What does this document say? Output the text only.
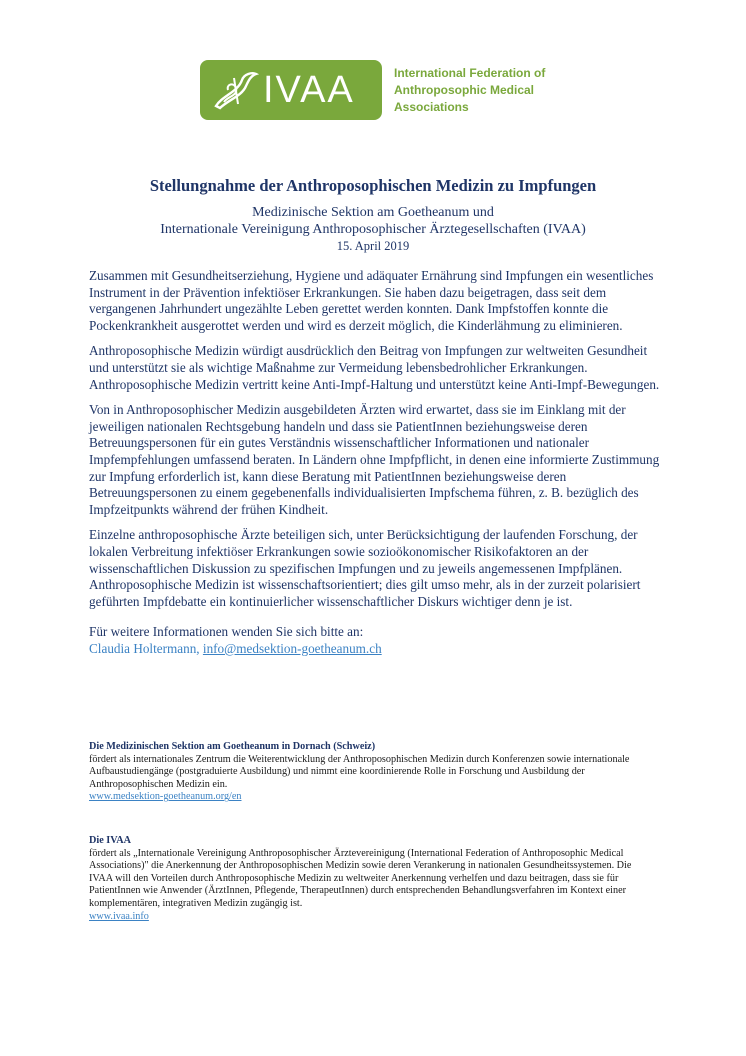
IVAA	International Federation of
Anthroposophic Medical
Associations
Stellungnahme der Anthroposophischen Medizin zu Impfungen
Medizinische Sektion am Goetheanum und
Internationale Vereinigung Anthroposophischer Ärztegesellschaften (IVAA)
15. April 2019

Zusammen mit Gesundheitserziehung, Hygiene und adäquater Ernährung sind Impfungen ein wesentliches Instrument in der Prävention infektiöser Erkrankungen. Sie haben dazu beigetragen, dass seit dem vergangenen Jahrhundert ungezählte Leben gerettet werden konnten. Dank Impfstoffen konnte die Pockenkrankheit ausgerottet werden und wird es derzeit möglich, die Kinderlähmung zu eliminieren.

Anthroposophische Medizin würdigt ausdrücklich den Beitrag von Impfungen zur weltweiten Gesundheit und unterstützt sie als wichtige Maßnahme zur Vermeidung lebensbedrohlicher Erkrankungen. Anthroposophische Medizin vertritt keine Anti-Impf-Haltung und unterstützt keine Anti-Impf-Bewegungen.

Von in Anthroposophischer Medizin ausgebildeten Ärzten wird erwartet, dass sie im Einklang mit der jeweiligen nationalen Rechtsgebung handeln und dass sie PatientInnen beziehungsweise deren Betreuungspersonen für ein gutes Verständnis wissenschaftlicher Informationen und nationaler Impfempfehlungen umfassend beraten. In Ländern ohne Impfpflicht, in denen eine informierte Zustimmung zur Impfung erforderlich ist, kann diese Beratung mit PatientInnen beziehungsweise deren Betreuungspersonen zu einem gegebenenfalls individualisierten Impfschema führen, z. B. bezüglich des Impfzeitpunkts während der frühen Kindheit.

Einzelne anthroposophische Ärzte beteiligen sich, unter Berücksichtigung der laufenden Forschung, der lokalen Verbreitung infektiöser Erkrankungen sowie sozioökonomischer Risikofaktoren an der wissenschaftlichen Diskussion zu spezifischen Impfungen und zu jeweils angemessenen Impfplänen. Anthroposophische Medizin ist wissenschaftsorientiert; dies gilt umso mehr, als in der zurzeit polarisiert geführten Impfdebatte ein kontinuierlicher wissenschaftlicher Diskurs wichtiger denn je ist.

Für weitere Informationen wenden Sie sich bitte an:
Claudia Holtermann, info@medsektion-goetheanum.ch
Die Medizinischen Sektion am Goetheanum in Dornach (Schweiz)
fördert als internationales Zentrum die Weiterentwicklung der Anthroposophischen Medizin durch Konferenzen sowie internationale Aufbaustudiengänge (postgraduierte Ausbildung) und nimmt eine koordinierende Rolle in Forschung und Ausbildung der Anthroposophischen Medizin ein.
www.medsektion-goetheanum.org/en
Die IVAA
fördert als „Internationale Vereinigung Anthroposophischer Ärztevereinigung (International Federation of Anthroposophic Medical Associations)" die Anerkennung der Anthroposophischen Medizin sowie deren Verankerung in nationalen Gesundheitssystemen. Die IVAA will den Vorteilen durch Anthroposophische Medizin zu weltweiter Anerkennung verhelfen und dazu beitragen, dass sie für PatientInnen wie Anwender (ÄrztInnen, Pflegende, TherapeutInnen) durch entsprechenden Behandlungsverfahren im Kontext einer komplementären, integrativen Medizin zugängig ist.
www.ivaa.info
